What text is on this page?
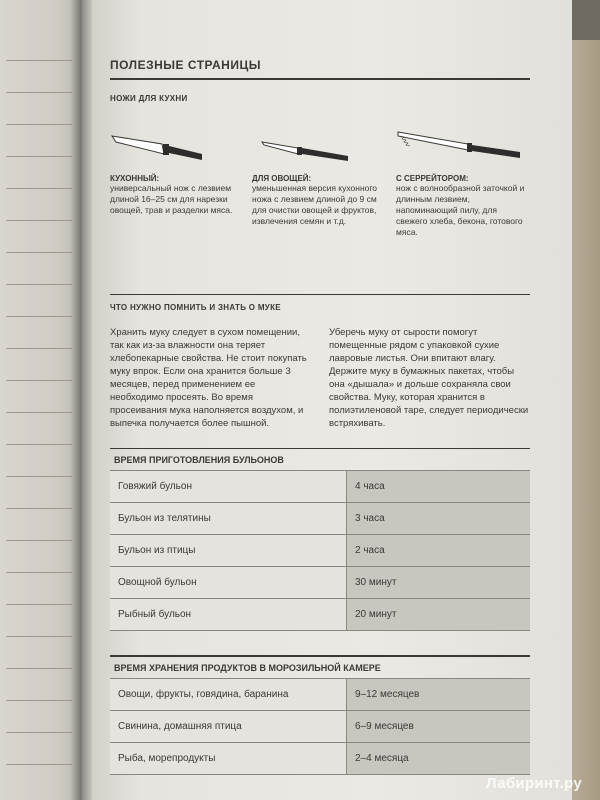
ПОЛЕЗНЫЕ СТРАНИЦЫ
НОЖИ ДЛЯ КУХНИ
КУХОННЫЙ:
универсальный нож с лезвием длиной 16–25 см для нарезки овощей, трав и разделки мяса.
ДЛЯ ОВОЩЕЙ:
уменьшенная версия кухонного ножа с лезвием длиной до 9 см для очистки овощей и фруктов, извлечения семян и т.д.
С СЕРРЕЙТОРОМ:
нож с волнообразной заточкой и длинным лезвием, напоминающий пилу, для свежего хлеба, бекона, готового мяса.
ЧТО НУЖНО ПОМНИТЬ И ЗНАТЬ О МУКЕ

Хранить муку следует в сухом помещении, так как из-за влажности она теряет хлебопекарные свойства. Не стоит покупать муку впрок. Если она хранится больше 3 месяцев, перед применением ее необходимо просеять. Во время просеивания мука наполняется воздухом, и выпечка получается более пышной.

Уберечь муку от сырости помогут помещенные рядом с упаковкой сухие лавровые листья. Они впитают влагу.

Держите муку в бумажных пакетах, чтобы она «дышала» и дольше сохраняла свои свойства. Муку, которая хранится в полиэтиленовой таре, следует периодически встряхивать.

ВРЕМЯ ПРИГОТОВЛЕНИЯ БУЛЬОНОВ
Говяжий бульон	4 часа
Бульон из телятины	3 часа
Бульон из птицы	2 часа
Овощной бульон	30 минут
Рыбный бульон	20 минут
ВРЕМЯ ХРАНЕНИЯ ПРОДУКТОВ В МОРОЗИЛЬНОЙ КАМЕРЕ
Овощи, фрукты, говядина, баранина	9–12 месяцев
Свинина, домашняя птица	6–9 месяцев
Рыба, морепродукты	2–4 месяца
Лабиринт.ру
